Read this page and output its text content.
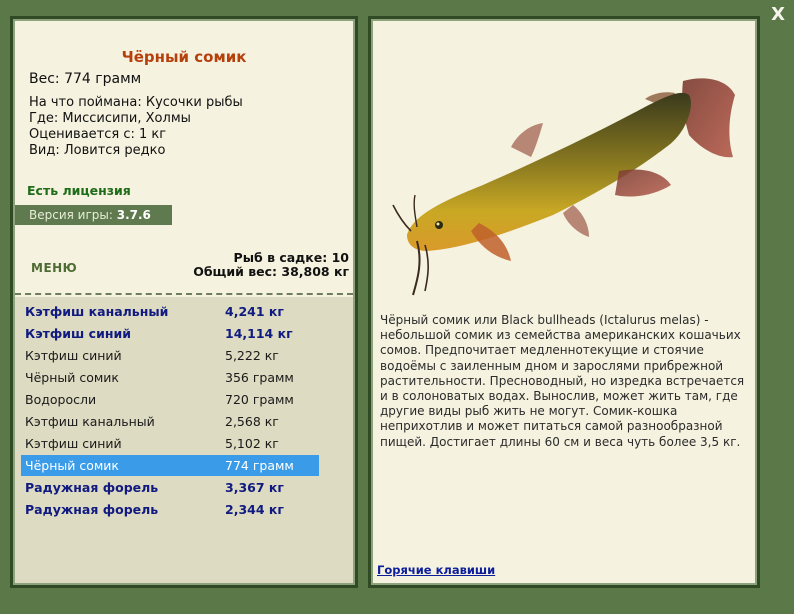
X
Чёрный сомик
Вес: 774 грамм
На что поймана: Кусочки рыбы
Где: Миссисипи, Холмы
Оценивается с: 1 кг
Вид: Ловится редко
Есть лицензия
Версия игры: 3.7.6
МЕНЮ
Рыб в садке: 10
Общий вес: 38,808 кг
Кэтфиш канальный	4,241 кг
Кэтфиш синий	14,114 кг
Кэтфиш синий	5,222 кг
Чёрный сомик	356 грамм
Водоросли	720 грамм
Кэтфиш канальный	2,568 кг
Кэтфиш синий	5,102 кг
Чёрный сомик	774 грамм
Радужная форель	3,367 кг
Радужная форель	2,344 кг
Чёрный сомик или Black bullheads (Ictalurus melas) - небольшой сомик из семейства американских кошачьих сомов. Предпочитает медленнотекущие и стоячие водоёмы с заиленным дном и зарослями прибрежной растительности. Пресноводный, но изредка встречается и в солоноватых водах. Вынослив, может жить там, где другие виды рыб жить не могут. Сомик-кошка неприхотлив и может питаться самой разнообразной пищей. Достигает длины 60 см и веса чуть более 3,5 кг.
Горячие клавиши
